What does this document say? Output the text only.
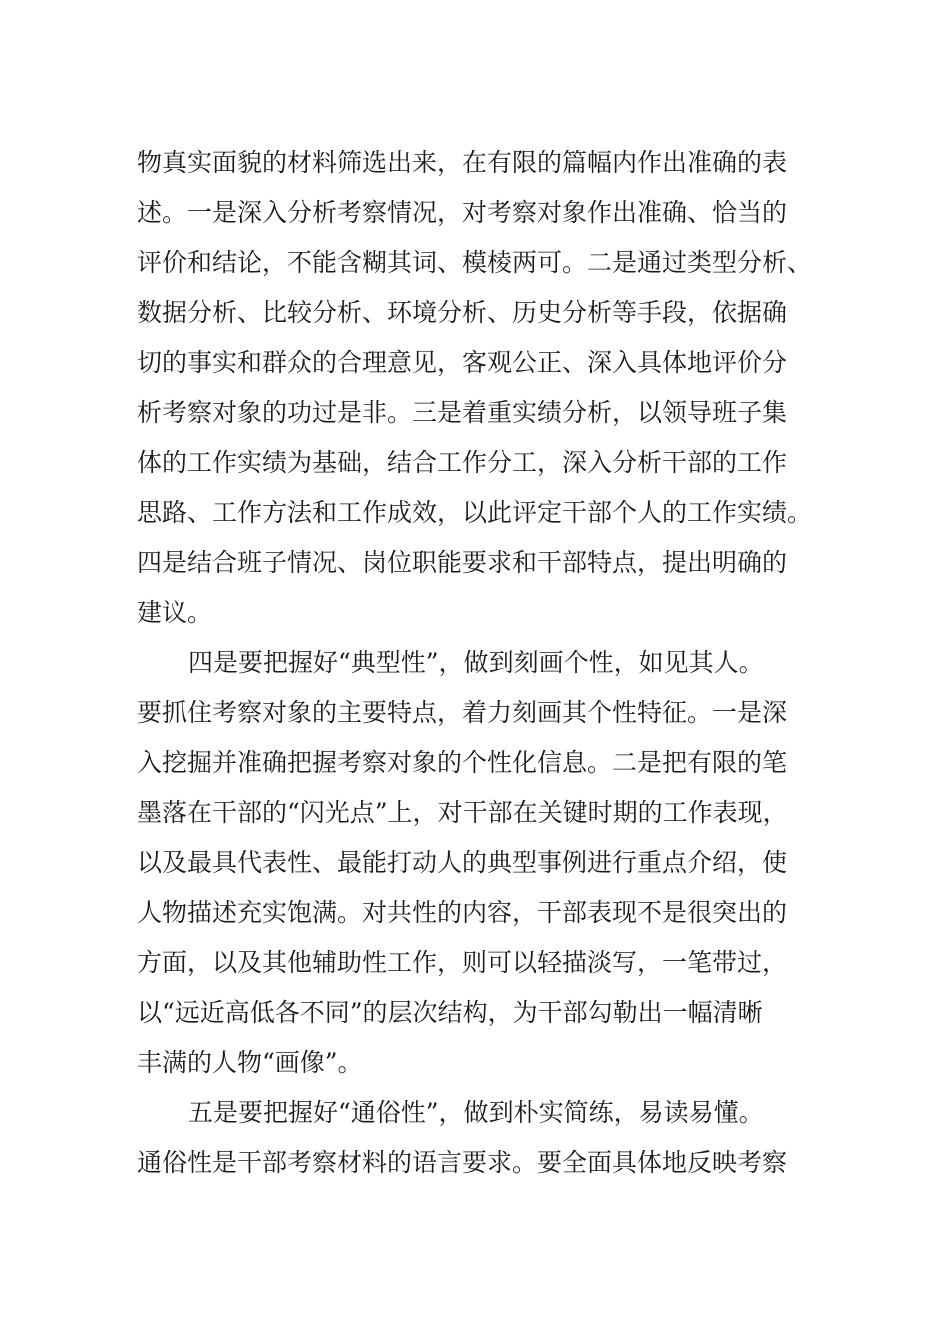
物真实面貌的材料筛选出来，在有限的篇幅内作出准确的表
述。一是深入分析考察情况，对考察对象作出准确、恰当的
评价和结论，不能含糊其词、模棱两可。二是通过类型分析、
数据分析、比较分析、环境分析、历史分析等手段，依据确
切的事实和群众的合理意见，客观公正、深入具体地评价分
析考察对象的功过是非。三是着重实绩分析，以领导班子集
体的工作实绩为基础，结合工作分工，深入分析干部的工作
思路、工作方法和工作成效，以此评定干部个人的工作实绩。
四是结合班子情况、岗位职能要求和干部特点，提出明确的
建议。
四是要把握好“典型性”，做到刻画个性，如见其人。
要抓住考察对象的主要特点，着力刻画其个性特征。一是深
入挖掘并准确把握考察对象的个性化信息。二是把有限的笔
墨落在干部的“闪光点”上，对干部在关键时期的工作表现，
以及最具代表性、最能打动人的典型事例进行重点介绍，使
人物描述充实饱满。对共性的内容，干部表现不是很突出的
方面，以及其他辅助性工作，则可以轻描淡写，一笔带过，
以“远近高低各不同”的层次结构，为干部勾勒出一幅清晰
丰满的人物“画像”。
五是要把握好“通俗性”，做到朴实简练，易读易懂。
通俗性是干部考察材料的语言要求。要全面具体地反映考察
